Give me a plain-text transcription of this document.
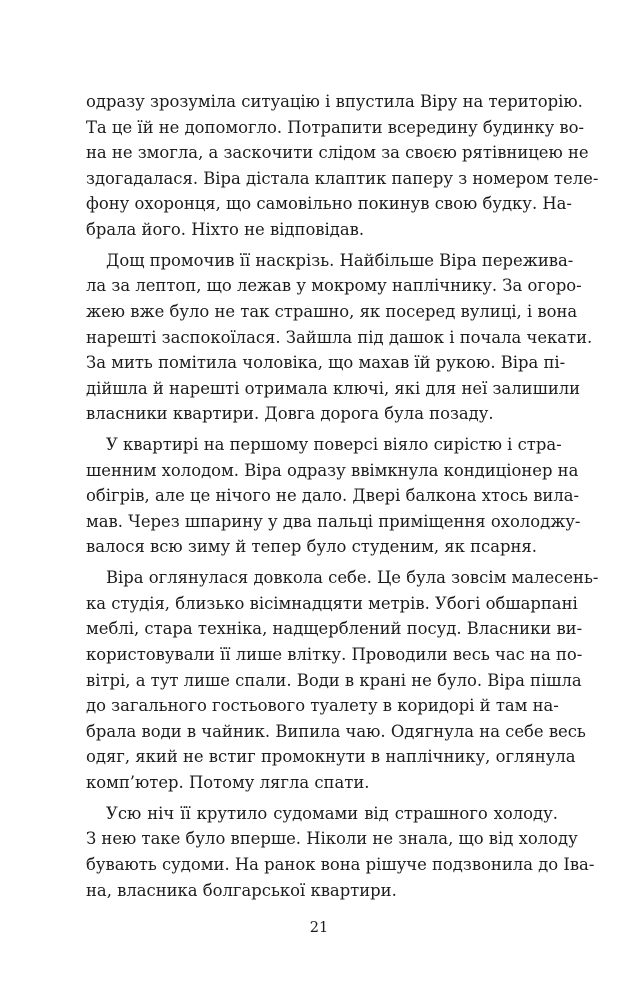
одразу зрозуміла ситуацію і впустила Віру на територію.
Та це їй не допомогло. Потрапити всередину будинку во-
на не змогла, а заскочити слідом за своєю рятівницею не
здогадалася. Віра дістала клаптик паперу з номером теле-
фону охоронця, що самовільно покинув свою будку. На-
брала його. Ніхто не відповідав.
Дощ промочив її наскрізь. Найбільше Віра пережива-
ла за лептоп, що лежав у мокрому наплічнику. За огоро-
жею вже було не так страшно, як посеред вулиці, і вона
нарешті заспокоїлася. Зайшла під дашок і почала чекати.
За мить помітила чоловіка, що махав їй рукою. Віра пі-
дійшла й нарешті отримала ключі, які для неї залишили
власники квартири. Довга дорога була позаду.
У квартирі на першому поверсі віяло сирістю і стра-
шенним холодом. Віра одразу ввімкнула кондиціонер на
обігрів, але це нічого не дало. Двері балкона хтось вила-
мав. Через шпарину у два пальці приміщення охолоджу-
валося всю зиму й тепер було студеним, як псарня.
Віра оглянулася довкола себе. Це була зовсім малесень-
ка студія, близько вісімнадцяти метрів. Убогі обшарпані
меблі, стара техніка, надщерблений посуд. Власники ви-
користовували її лише влітку. Проводили весь час на по-
вітрі, а тут лише спали. Води в крані не було. Віра пішла
до загального гостьового туалету в коридорі й там на-
брала води в чайник. Випила чаю. Одягнула на себе весь
одяг, який не встиг промокнути в наплічнику, оглянула
комп’ютер. Потому лягла спати.
Усю ніч її крутило судомами від страшного холоду.
З нею таке було вперше. Ніколи не знала, що від холоду
бувають судоми. На ранок вона рішуче подзвонила до Іва-
на, власника болгарської квартири.
21
